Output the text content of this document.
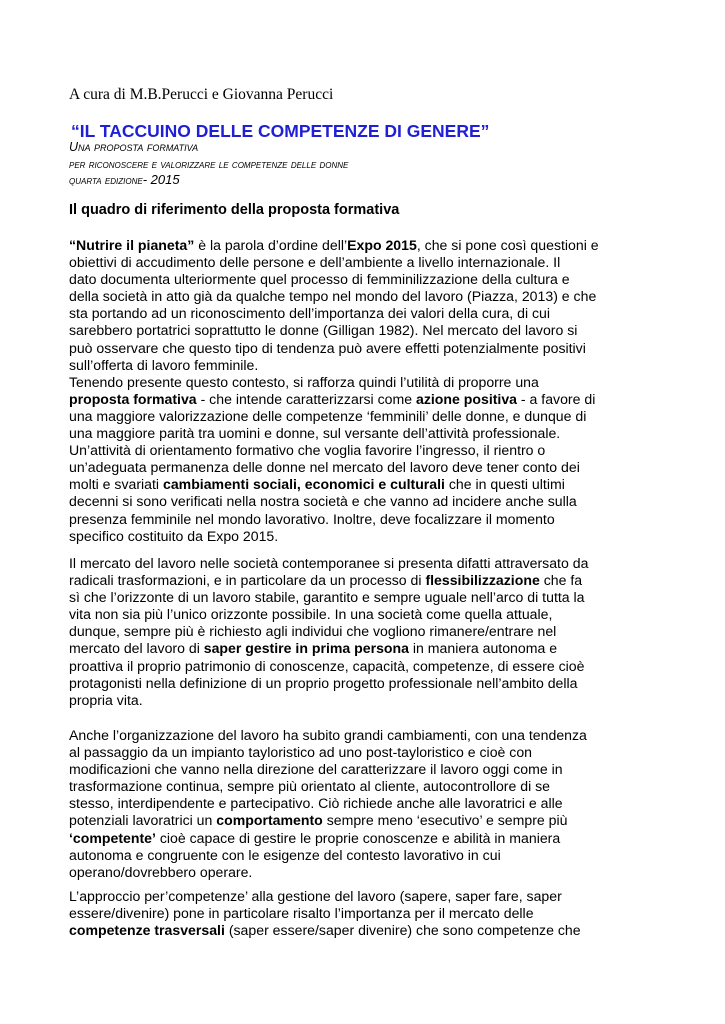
A cura di M.B.Perucci e Giovanna Perucci
“IL TACCUINO DELLE COMPETENZE DI GENERE”
Una proposta formativa
per riconoscere e valorizzare le competenze delle donne
quarta edizione- 2015
Il quadro di riferimento della proposta formativa
“Nutrire il pianeta” è la parola d’ordine dell’Expo 2015, che si pone così questioni e
obiettivi di accudimento delle persone e dell’ambiente a livello internazionale. Il
dato documenta ulteriormente quel processo di femminilizzazione della cultura e
della società in atto già da qualche tempo nel mondo del lavoro (Piazza, 2013) e che
sta portando ad un riconoscimento dell’importanza dei valori della cura, di cui
sarebbero portatrici soprattutto le donne (Gilligan 1982). Nel mercato del lavoro si
può osservare che questo tipo di tendenza può avere effetti potenzialmente positivi
sull’offerta di lavoro femminile.
Tenendo presente questo contesto, si rafforza quindi l’utilità di proporre una
proposta formativa - che intende caratterizzarsi come azione positiva - a favore di
una maggiore valorizzazione delle competenze ‘femminili’ delle donne, e dunque di
una maggiore parità tra uomini e donne, sul versante dell’attività professionale.
Un’attività di orientamento formativo che voglia favorire l’ingresso, il rientro o
un’adeguata permanenza delle donne nel mercato del lavoro deve tener conto dei
molti e svariati cambiamenti sociali, economici e culturali che in questi ultimi
decenni si sono verificati nella nostra società e che vanno ad incidere anche sulla
presenza femminile nel mondo lavorativo. Inoltre, deve focalizzare il momento
specifico costituito da Expo 2015.
Il mercato del lavoro nelle società contemporanee si presenta difatti attraversato da
radicali trasformazioni, e in particolare da un processo di flessibilizzazione che fa
sì che l’orizzonte di un lavoro stabile, garantito e sempre uguale nell’arco di tutta la
vita non sia più l’unico orizzonte possibile. In una società come quella attuale,
dunque, sempre più è richiesto agli individui che vogliono rimanere/entrare nel
mercato del lavoro di saper gestire in prima persona in maniera autonoma e
proattiva il proprio patrimonio di conoscenze, capacità, competenze, di essere cioè
protagonisti nella definizione di un proprio progetto professionale nell’ambito della
propria vita.
Anche l’organizzazione del lavoro ha subito grandi cambiamenti, con una tendenza
al passaggio da un impianto tayloristico ad uno post-tayloristico e cioè con
modificazioni che vanno nella direzione del caratterizzare il lavoro oggi come in
trasformazione continua, sempre più orientato al cliente, autocontrollore di se
stesso, interdipendente e partecipativo. Ciò richiede anche alle lavoratrici e alle
potenziali lavoratrici un comportamento sempre meno ‘esecutivo’ e sempre più
‘competente’ cioè capace di gestire le proprie conoscenze e abilità in maniera
autonoma e congruente con le esigenze del contesto lavorativo in cui
operano/dovrebbero operare.
L’approccio per’competenze’ alla gestione del lavoro (sapere, saper fare, saper
essere/divenire) pone in particolare risalto l’importanza per il mercato delle
competenze trasversali (saper essere/saper divenire) che sono competenze che
